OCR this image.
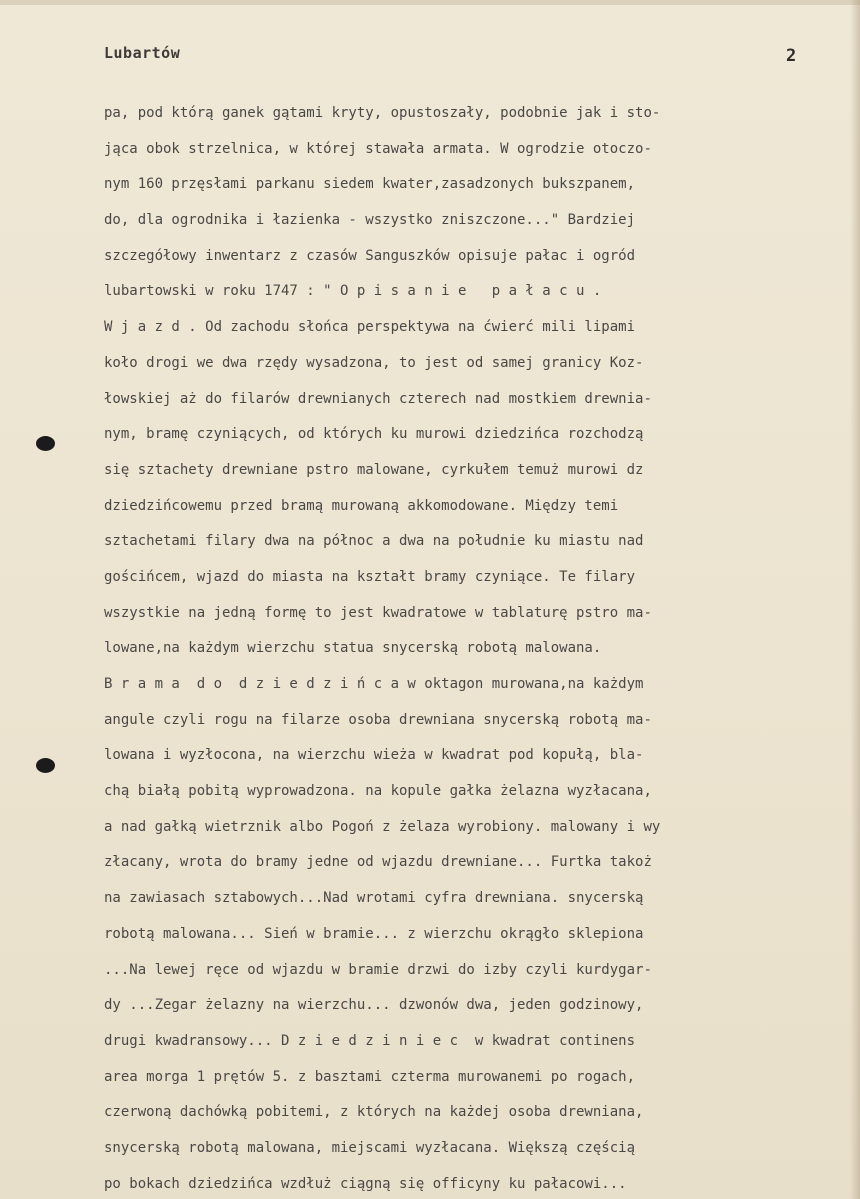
Lubartów	2
pa, pod którą ganek gątami kryty, opustoszały, podobnie jak i sto-
jąca obok strzelnica, w której stawała armata. W ogrodzie otoczo-
nym 160 przęsłami parkanu siedem kwater,zasadzonych bukszpanem,
do, dla ogrodnika i łazienka - wszystko zniszczone..." Bardziej
szczegółowy inwentarz z czasów Sanguszków opisuje pałac i ogród
lubartowski w roku 1747 : " O p i s a n i e   p a ł a c u .
W j a z d . Od zachodu słońca perspektywa na ćwierć mili lipami
koło drogi we dwa rzędy wysadzona, to jest od samej granicy Koz-
łowskiej aż do filarów drewnianych czterech nad mostkiem drewnia-
nym, bramę czyniących, od których ku murowi dziedzińca rozchodzą
się sztachety drewniane pstro malowane, cyrkułem temuż murowi dz
dziedzińcowemu przed bramą murowaną akkomodowane. Między temi
sztachetami filary dwa na północ a dwa na południe ku miastu nad
gościńcem, wjazd do miasta na kształt bramy czyniące. Te filary
wszystkie na jedną formę to jest kwadratowe w tablaturę pstro ma-
lowane,na każdym wierzchu statua snycerską robotą malowana.
B r a m a  d o  d z i e d z i ń c a w oktagon murowana,na każdym
angule czyli rogu na filarze osoba drewniana snycerską robotą ma-
lowana i wyzłocona, na wierzchu wieża w kwadrat pod kopułą, bla-
chą białą pobitą wyprowadzona. na kopule gałka żelazna wyzłacana,
a nad gałką wietrznik albo Pogoń z żelaza wyrobiony. malowany i wy
złacany, wrota do bramy jedne od wjazdu drewniane... Furtka takoż
na zawiasach sztabowych...Nad wrotami cyfra drewniana. snycerską
robotą malowana... Sień w bramie... z wierzchu okrągło sklepiona
...Na lewej ręce od wjazdu w bramie drzwi do izby czyli kurdygar-
dy ...Zegar żelazny na wierzchu... dzwonów dwa, jeden godzinowy,
drugi kwadransowy... D z i e d z i n i e c  w kwadrat continens
area morga 1 prętów 5. z basztami czterma murowanemi po rogach,
czerwoną dachówką pobitemi, z których na każdej osoba drewniana,
snycerską robotą malowana, miejscami wyzłacana. Większą częścią
po bokach dziedzińca wzdłuż ciągną się officyny ku pałacowi...
